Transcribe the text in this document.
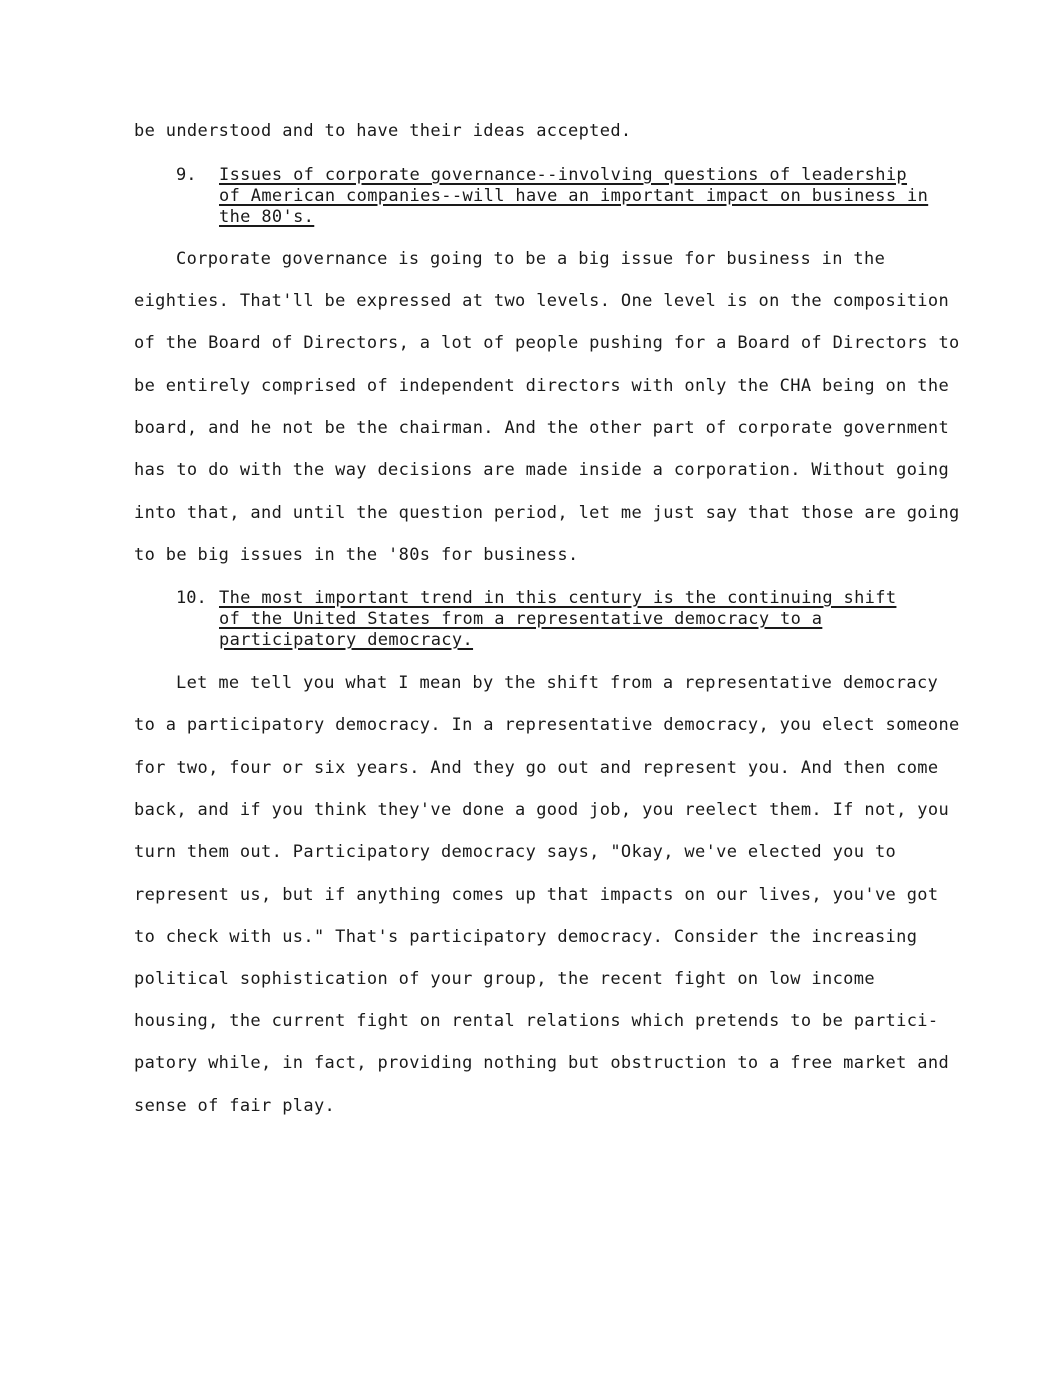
be understood and to have their ideas accepted.
9. Issues of corporate governance--involving questions of leadership
of American companies--will have an important impact on business in
the 80's.
Corporate governance is going to be a big issue for business in the
eighties. That'll be expressed at two levels. One level is on the composition
of the Board of Directors, a lot of people pushing for a Board of Directors to
be entirely comprised of independent directors with only the CHA being on the
board, and he not be the chairman. And the other part of corporate government
has to do with the way decisions are made inside a corporation. Without going
into that, and until the question period, let me just say that those are going
to be big issues in the '80s for business.
10. The most important trend in this century is the continuing shift
of the United States from a representative democracy to a
participatory democracy.
Let me tell you what I mean by the shift from a representative democracy
to a participatory democracy. In a representative democracy, you elect someone
for two, four or six years. And they go out and represent you. And then come
back, and if you think they've done a good job, you reelect them. If not, you
turn them out. Participatory democracy says, "Okay, we've elected you to
represent us, but if anything comes up that impacts on our lives, you've got
to check with us." That's participatory democracy. Consider the increasing
political sophistication of your group, the recent fight on low income
housing, the current fight on rental relations which pretends to be partici-
patory while, in fact, providing nothing but obstruction to a free market and
sense of fair play.
